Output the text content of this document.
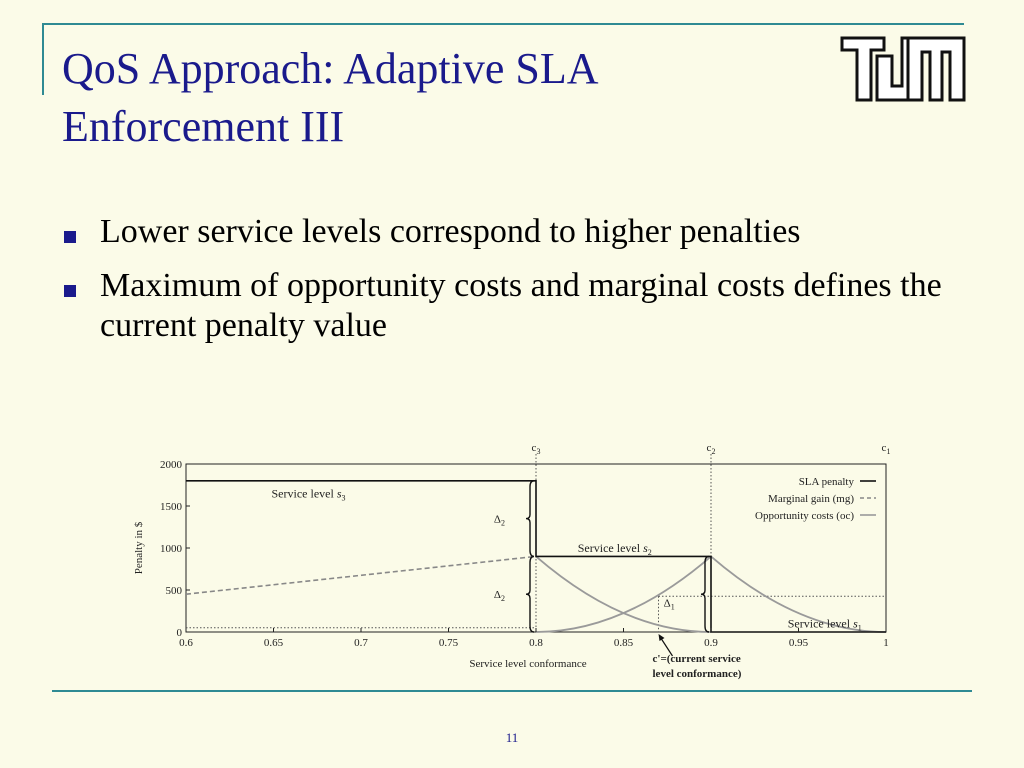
QoS Approach: Adaptive SLA Enforcement III
Lower service levels correspond to higher penalties
Maximum of opportunity costs and marginal costs defines the current penalty value
$c_3$	$c_2$	$c_1$
0.6	0.65	0.7	0.75	0.8	0.85	0.9	0.95	1
2000
1500
1000
500
0
Service level conformance
Penalty in $
Service level $s_3$
Service level $s_2$
Service level $s_1$
$\Delta_2$
$\Delta_2$	$\Delta_1$
SLA penalty
Marginal gain (mg)
Opportunity costs (oc)
c'=(current service
level conformance)
11
